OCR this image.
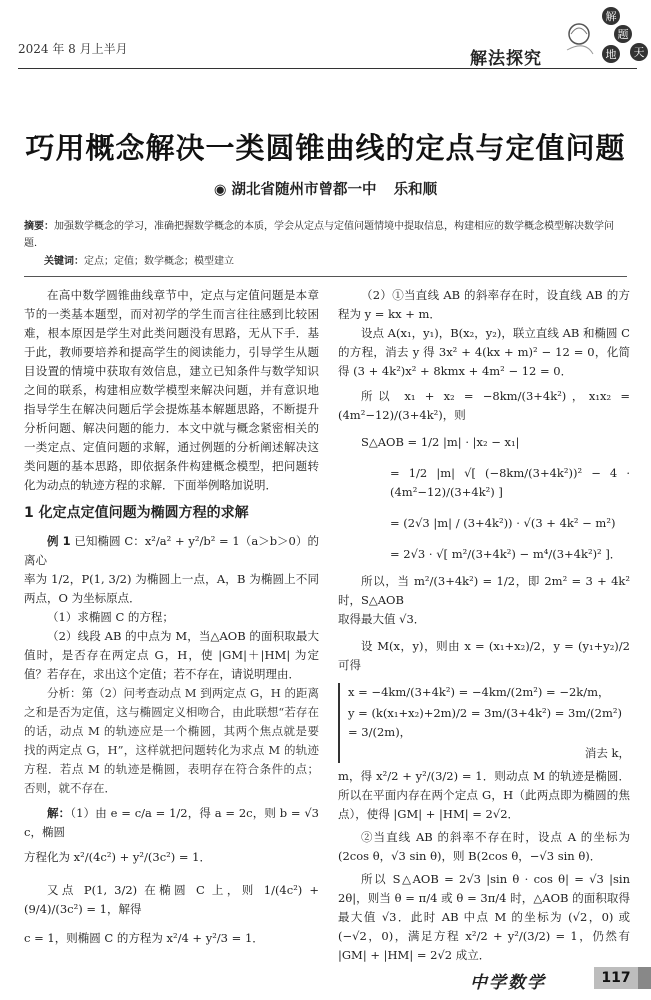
2024 年 8 月上半月	解法探究
解
题
天
地
巧用概念解决一类圆锥曲线的定点与定值问题
◉ 湖北省随州市曾都一中 乐和顺
摘要：加强数学概念的学习，准确把握数学概念的本质，学会从定点与定值问题情境中提取信息，构建相应的数学概念模型解决数学问题．
关键词：定点；定值；数学概念；模型建立

在高中数学圆锥曲线章节中，定点与定值问题是本章节的一类基本题型，而对初学的学生而言往往感到比较困难，根本原因是学生对此类问题没有思路，无从下手．基于此，教师要培养和提高学生的阅读能力，引导学生从题目设置的情境中获取有效信息，建立已知条件与数学知识之间的联系，构建相应数学模型来解决问题，并有意识地指导学生在解决问题后学会提炼基本解题思路，不断提升分析问题、解决问题的能力．本文中就与概念紧密相关的一类定点、定值问题的求解，通过例题的分析阐述解决这类问题的基本思路，即依据条件构建概念模型，把问题转化为动点的轨迹方程的求解．下面举例略加说明．

1 化定点定值问题为椭圆方程的求解

例 1 已知椭圆 C：x²/a² + y²/b² = 1（a＞b＞0）的离心

率为 1/2，P(1, 3/2) 为椭圆上一点，A，B 为椭圆上不同两点，O 为坐标原点．

（1）求椭圆 C 的方程；

（2）线段 AB 的中点为 M，当△AOB 的面积取最大值时，是否存在两定点 G，H，使 |GM|＋|HM| 为定值？若存在，求出这个定值；若不存在，请说明理由．

分析：第（2）问考查动点 M 到两定点 G，H 的距离之和是否为定值，这与椭圆定义相吻合，由此联想“若存在的话，动点 M 的轨迹应是一个椭圆，其两个焦点就是要找的两定点 G，H”，这样就把问题转化为求点 M 的轨迹方程．若点 M 的轨迹是椭圆，表明存在符合条件的点；否则，就不存在．

解：（1）由 e = c/a = 1/2，得 a = 2c，则 b = √3 c，椭圆

方程化为 x²/(4c²) + y²/(3c²) = 1．

又点 P(1, 3/2) 在椭圆 C 上，则 1/(4c²) + (9/4)/(3c²) = 1，解得

c = 1，则椭圆 C 的方程为 x²/4 + y²/3 = 1．

（2）①当直线 AB 的斜率存在时，设直线 AB 的方程为 y = kx + m．

设点 A(x₁，y₁)，B(x₂，y₂)，联立直线 AB 和椭圆 C 的方程，消去 y 得 3x² + 4(kx + m)² − 12 = 0，化简得 (3 + 4k²)x² + 8kmx + 4m² − 12 = 0．

所以 x₁ + x₂ = −8km/(3+4k²)，x₁x₂ = (4m²−12)/(3+4k²)，则

S△AOB = 1/2 |m| · |x₂ − x₁|

= 1/2 |m| √[ (−8km/(3+4k²))² − 4 · (4m²−12)/(3+4k²) ]

= (2√3 |m| / (3+4k²)) · √(3 + 4k² − m²)

= 2√3 · √[ m²/(3+4k²) − m⁴/(3+4k²)² ]．

所以，当 m²/(3+4k²) = 1/2，即 2m² = 3 + 4k² 时，S△AOB

取得最大值 √3．

设 M(x，y)，则由 x = (x₁+x₂)/2，y = (y₁+y₂)/2 可得

x = −4km/(3+4k²) = −4km/(2m²) = −2k/m，
y = (k(x₁+x₂)+2m)/2 = 3m/(3+4k²) = 3m/(2m²) = 3/(2m)，
消去 k，

m，得 x²/2 + y²/(3/2) = 1．则动点 M 的轨迹是椭圆．所以在平面内存在两个定点 G，H（此两点即为椭圆的焦点），使得 |GM| + |HM| = 2√2．

②当直线 AB 的斜率不存在时，设点 A 的坐标为 (2cos θ，√3 sin θ)，则 B(2cos θ，−√3 sin θ)．

所以 S△AOB = 2√3 |sin θ · cos θ| = √3 |sin 2θ|，则当 θ = π/4 或 θ = 3π/4 时，△AOB 的面积取得最大值 √3．此时 AB 中点 M 的坐标为 (√2，0) 或 (−√2，0)，满足方程 x²/2 + y²/(3/2) = 1，仍然有 |GM| + |HM| = 2√2 成立．

中学数学	117
